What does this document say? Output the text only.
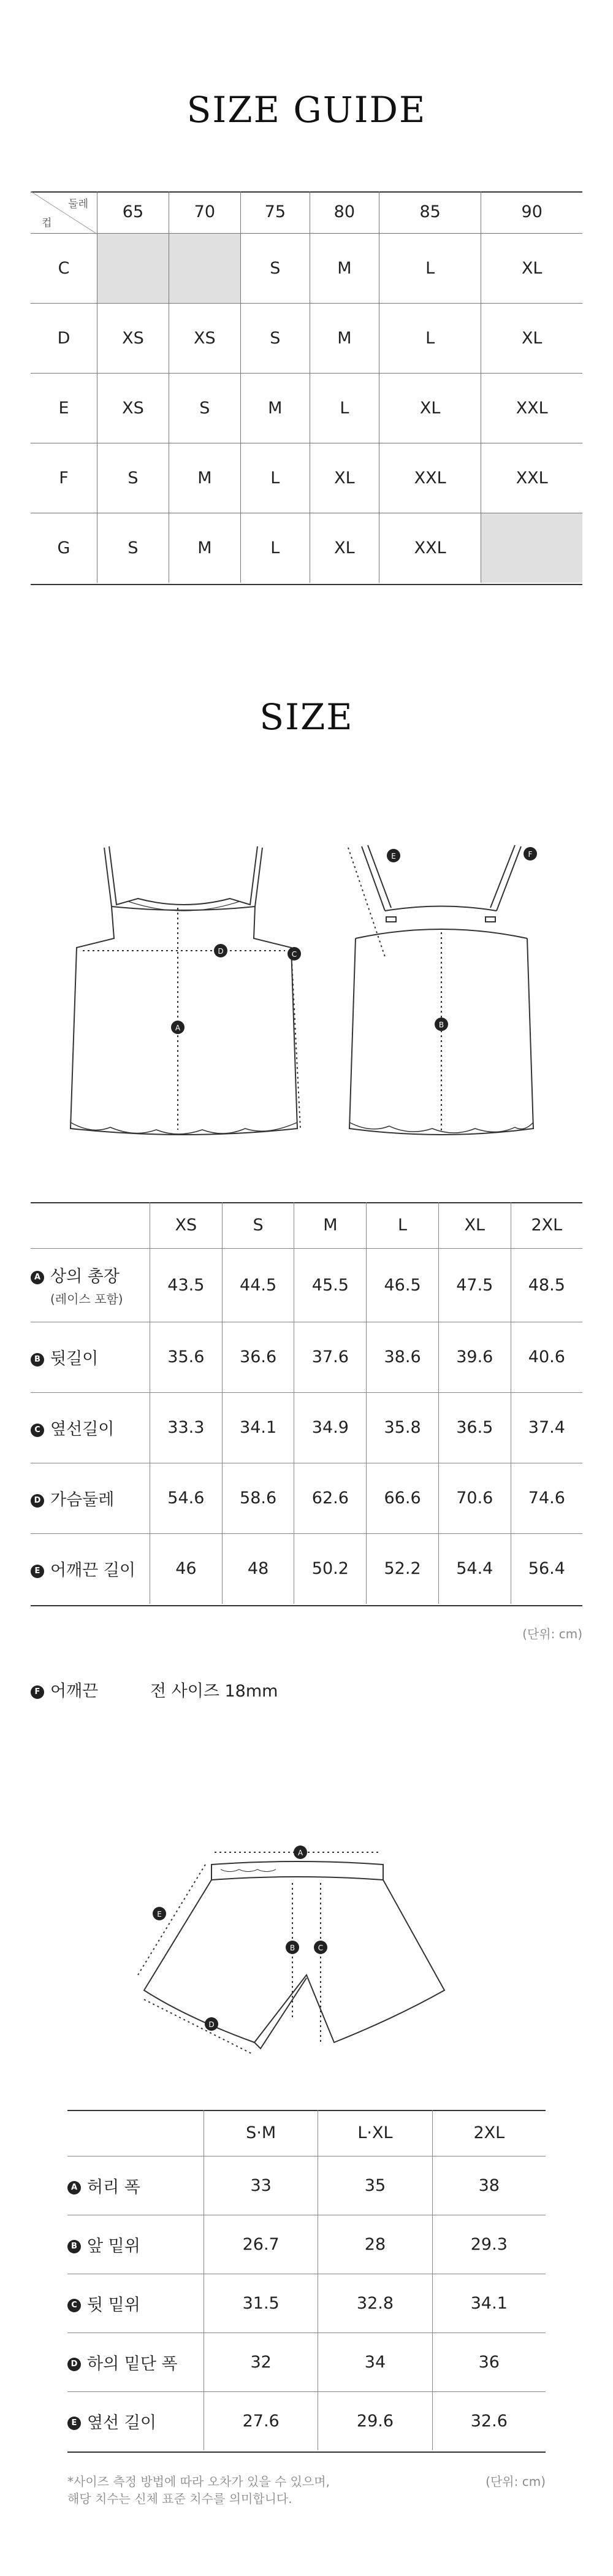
SIZE GUIDE
둘레
컵	65	70	75	80	85	90
C			S	M	L	XL
D	XS	XS	S	M	L	XL
E	XS	S	M	L	XL	XXL
F	S	M	L	XL	XXL	XXL
G	S	M	L	XL	XXL	
SIZE
D
A
C
E	F
B
	XS	S	M	L	XL	2XL
A 상의 총장
(레이스 포함)	43.5	44.5	45.5	46.5	47.5	48.5
B 뒷길이	35.6	36.6	37.6	38.6	39.6	40.6
C 옆선길이	33.3	34.1	34.9	35.8	36.5	37.4
D 가슴둘레	54.6	58.6	62.6	66.6	70.6	74.6
E 어깨끈 길이	46	48	50.2	52.2	54.4	56.4
(단위: cm)
F 어깨끈	전 사이즈 18mm
A
E
B	C
D
	S·M	L·XL	2XL
A 허리 폭	33	35	38
B 앞 밑위	26.7	28	29.3
C 뒷 밑위	31.5	32.8	34.1
D 하의 밑단 폭	32	34	36
E 옆선 길이	27.6	29.6	32.6
*사이즈 측정 방법에 따라 오차가 있을 수 있으며,
해당 치수는 신체 표준 치수를 의미합니다.
(단위: cm)
